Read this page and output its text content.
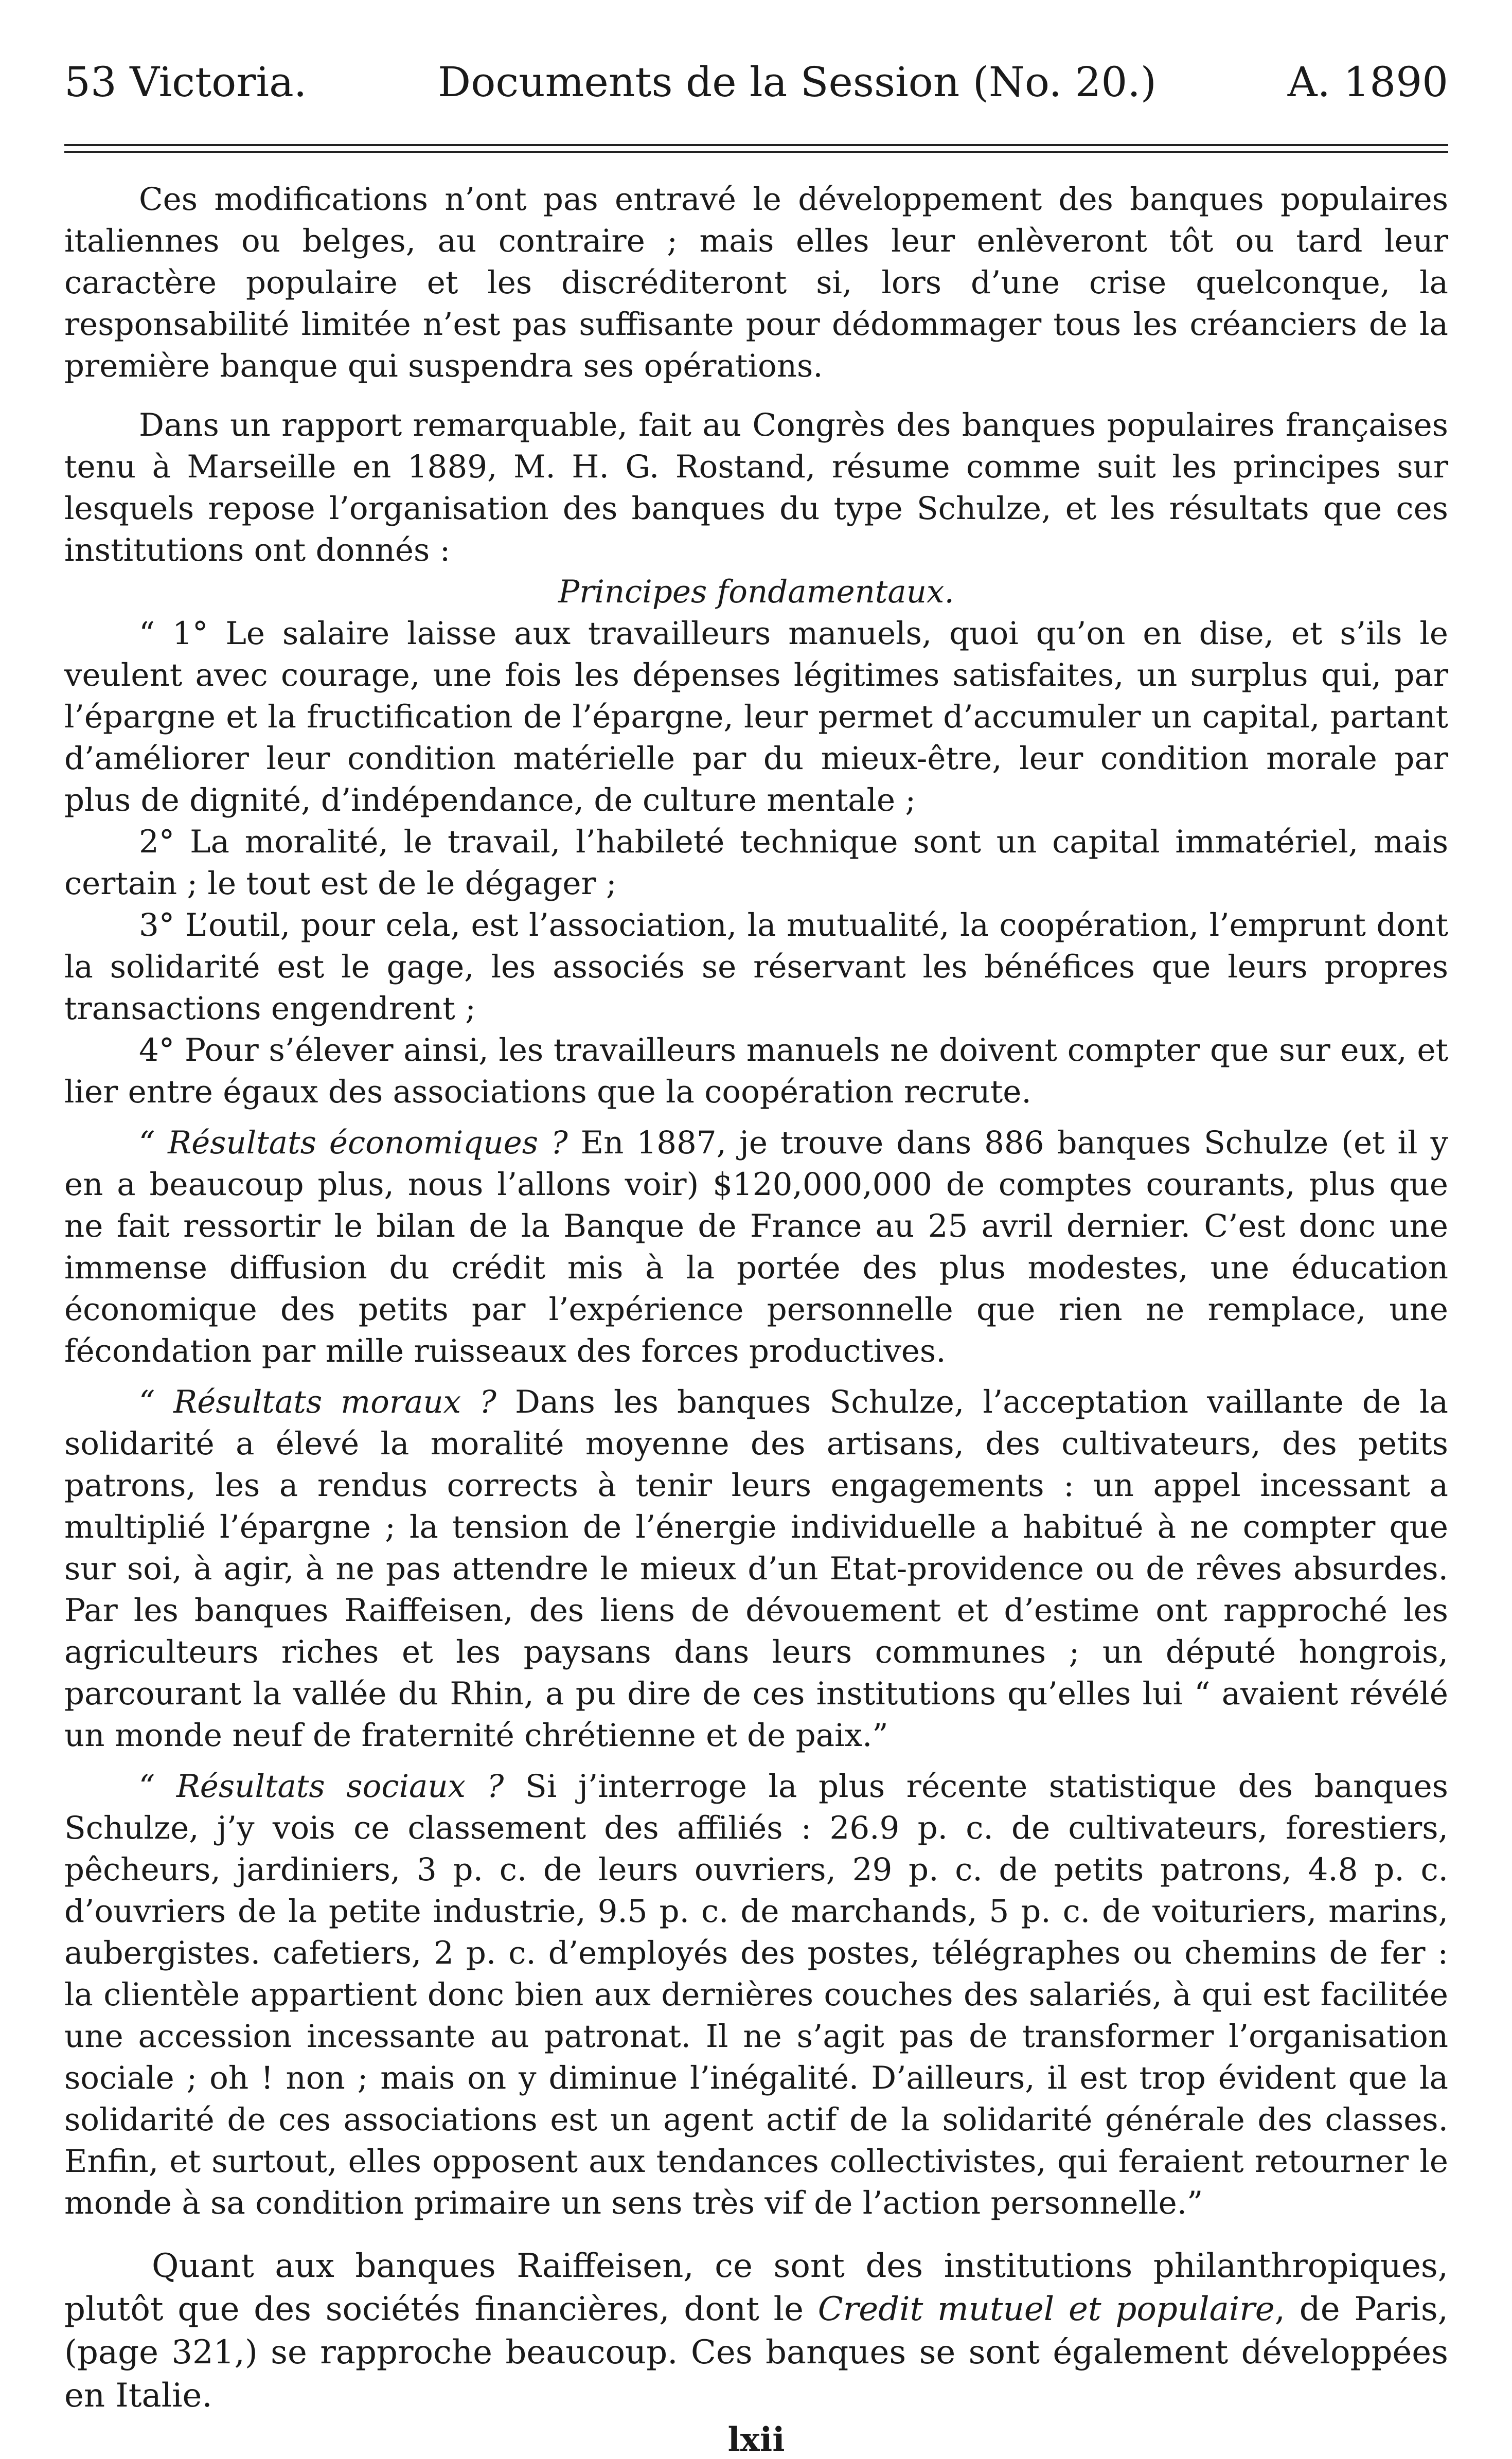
53 Victoria.	Documents de la Session (No. 20.)	A. 1890

Ces modifications n’ont pas entravé le développement des banques populaires italiennes ou belges, au contraire ; mais elles leur enlèveront tôt ou tard leur caractère populaire et les discréditeront si, lors d’une crise quelconque, la responsabilité limitée n’est pas suffisante pour dédommager tous les créanciers de la première banque qui suspendra ses opérations.

Dans un rapport remarquable, fait au Congrès des banques populaires françaises tenu à Marseille en 1889, M. H. G. Rostand, résume comme suit les principes sur lesquels repose l’organisation des banques du type Schulze, et les résultats que ces institutions ont donnés :

Principes fondamentaux.

“ 1° Le salaire laisse aux travailleurs manuels, quoi qu’on en dise, et s’ils le veulent avec courage, une fois les dépenses légitimes satisfaites, un surplus qui, par l’épargne et la fructification de l’épargne, leur permet d’accumuler un capital, partant d’améliorer leur condition matérielle par du mieux-être, leur condition morale par plus de dignité, d’indépendance, de culture mentale ;

2° La moralité, le travail, l’habileté technique sont un capital immatériel, mais certain ; le tout est de le dégager ;

3° L’outil, pour cela, est l’association, la mutualité, la coopération, l’emprunt dont la solidarité est le gage, les associés se réservant les bénéfices que leurs propres transactions engendrent ;

4° Pour s’élever ainsi, les travailleurs manuels ne doivent compter que sur eux, et lier entre égaux des associations que la coopération recrute.

“ Résultats économiques ? En 1887, je trouve dans 886 banques Schulze (et il y en a beaucoup plus, nous l’allons voir) $120,000,000 de comptes courants, plus que ne fait ressortir le bilan de la Banque de France au 25 avril dernier. C’est donc une immense diffusion du crédit mis à la portée des plus modestes, une éducation économique des petits par l’expérience personnelle que rien ne remplace, une fécondation par mille ruisseaux des forces productives.

“ Résultats moraux ? Dans les banques Schulze, l’acceptation vaillante de la solidarité a élevé la moralité moyenne des artisans, des cultivateurs, des petits patrons, les a rendus corrects à tenir leurs engagements : un appel incessant a multiplié l’épargne ; la tension de l’énergie individuelle a habitué à ne compter que sur soi, à agir, à ne pas attendre le mieux d’un Etat-providence ou de rêves absurdes. Par les banques Raiffeisen, des liens de dévouement et d’estime ont rapproché les agriculteurs riches et les paysans dans leurs communes ; un député hongrois, parcourant la vallée du Rhin, a pu dire de ces institutions qu’elles lui “ avaient révélé un monde neuf de fraternité chrétienne et de paix.”

“ Résultats sociaux ? Si j’interroge la plus récente statistique des banques Schulze, j’y vois ce classement des affiliés : 26.9 p. c. de cultivateurs, forestiers, pêcheurs, jardiniers, 3 p. c. de leurs ouvriers, 29 p. c. de petits patrons, 4.8 p. c. d’ouvriers de la petite industrie, 9.5 p. c. de marchands, 5 p. c. de voituriers, marins, aubergistes. cafetiers, 2 p. c. d’employés des postes, télégraphes ou chemins de fer : la clientèle appartient donc bien aux dernières couches des salariés, à qui est facilitée une accession incessante au patronat. Il ne s’agit pas de transformer l’organisation sociale ; oh ! non ; mais on y diminue l’inégalité. D’ailleurs, il est trop évident que la solidarité de ces associations est un agent actif de la solidarité générale des classes. Enfin, et surtout, elles opposent aux tendances collectivistes, qui feraient retourner le monde à sa condition primaire un sens très vif de l’action personnelle.”

Quant aux banques Raiffeisen, ce sont des institutions philanthropiques, plutôt que des sociétés financières, dont le Credit mutuel et populaire, de Paris, (page 321,) se rapproche beaucoup. Ces banques se sont également développées en Italie.

lxii
